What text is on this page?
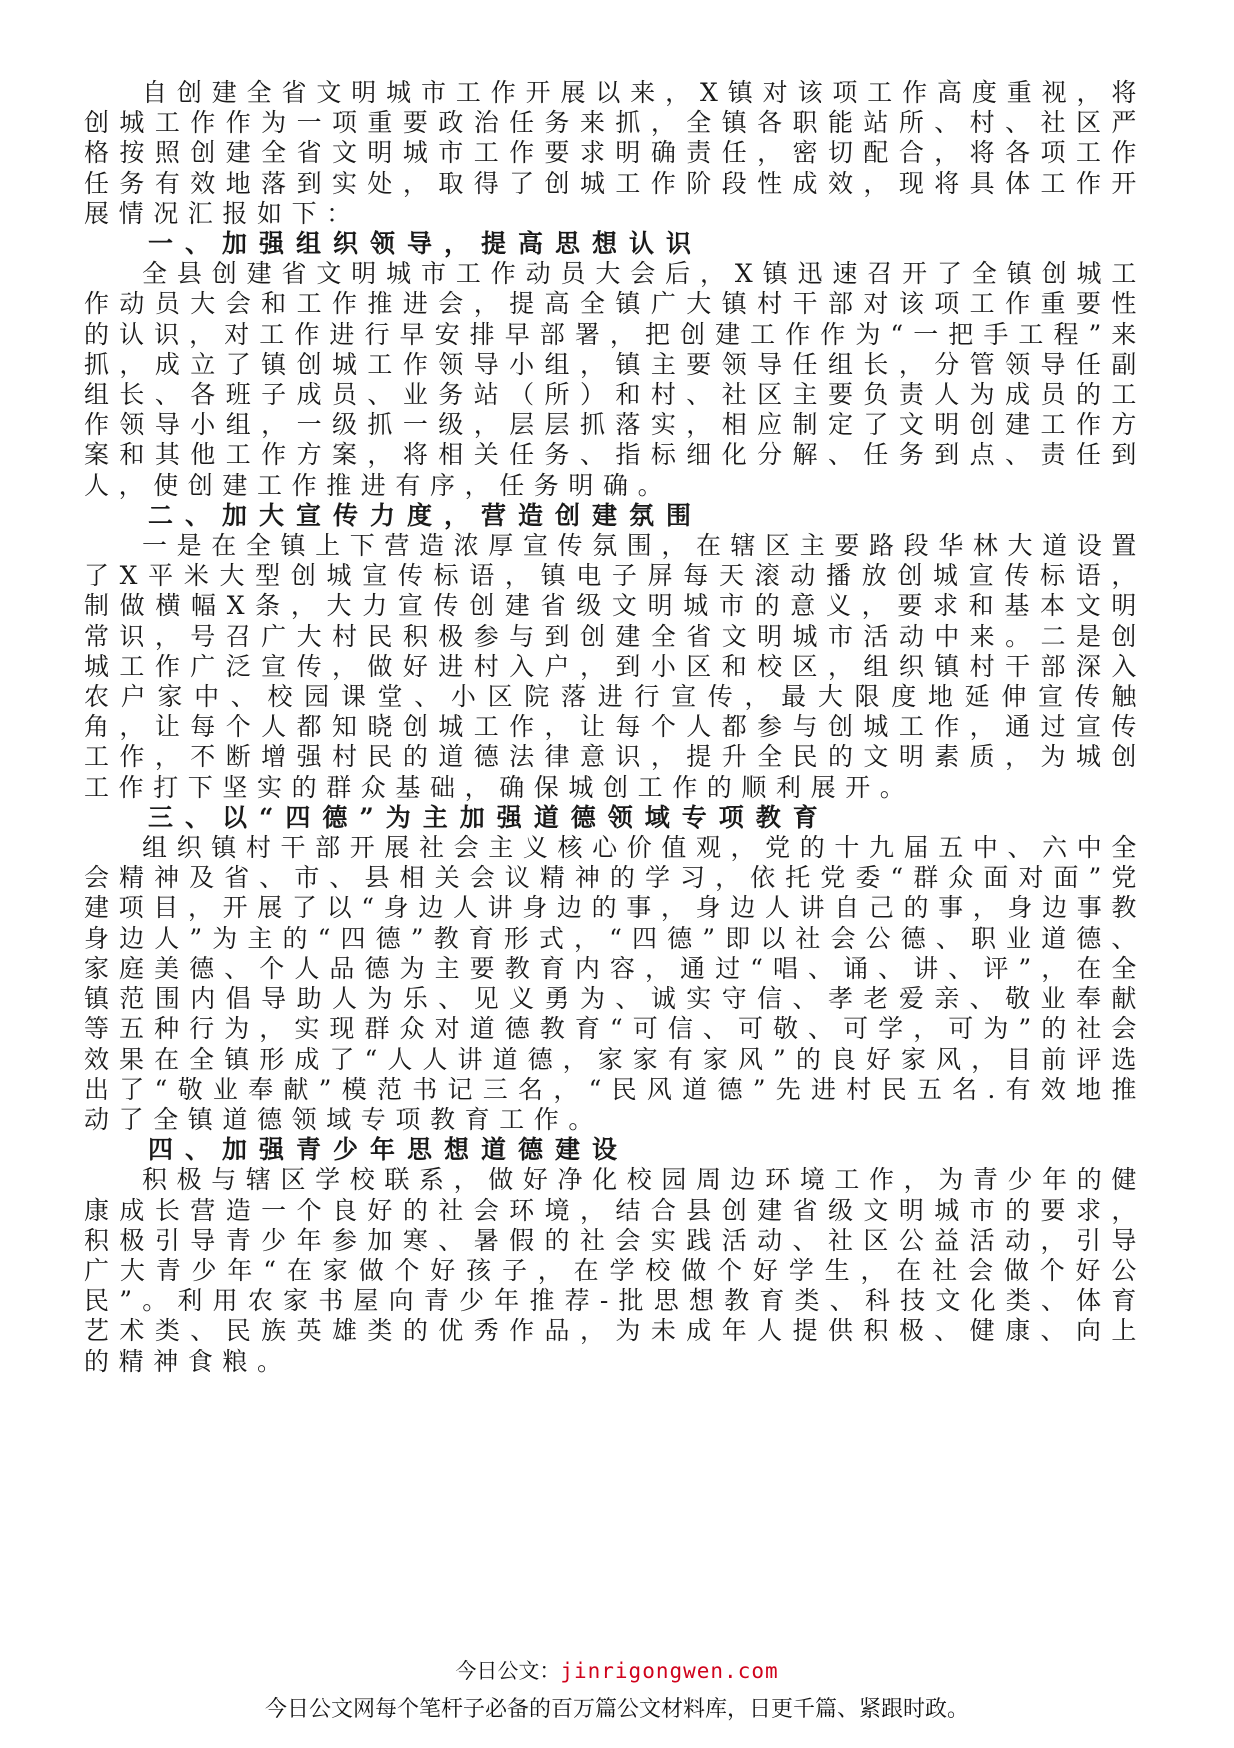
自创建全省文明城市工作开展以来，X镇对该项工作高度重视，将创城工作作为一项重要政治任务来抓，全镇各职能站所、村、社区严格按照创建全省文明城市工作要求明确责任，密切配合，将各项工作任务有效地落到实处，取得了创城工作阶段性成效，现将具体工作开展情况汇报如下：

一、加强组织领导，提高思想认识

全县创建省文明城市工作动员大会后，X镇迅速召开了全镇创城工作动员大会和工作推进会，提高全镇广大镇村干部对该项工作重要性的认识，对工作进行早安排早部署，把创建工作作为“一把手工程”来抓，成立了镇创城工作领导小组，镇主要领导任组长，分管领导任副组长、各班子成员、业务站（所）和村、社区主要负责人为成员的工作领导小组，一级抓一级，层层抓落实，相应制定了文明创建工作方案和其他工作方案，将相关任务、指标细化分解、任务到点、责任到人，使创建工作推进有序，任务明确。

二、加大宣传力度，营造创建氛围

一是在全镇上下营造浓厚宣传氛围，在辖区主要路段华林大道设置了X平米大型创城宣传标语，镇电子屏每天滚动播放创城宣传标语，制做横幅X条，大力宣传创建省级文明城市的意义，要求和基本文明常识，号召广大村民积极参与到创建全省文明城市活动中来。二是创城工作广泛宣传，做好进村入户，到小区和校区，组织镇村干部深入农户家中、校园课堂、小区院落进行宣传，最大限度地延伸宣传触角，让每个人都知晓创城工作，让每个人都参与创城工作，通过宣传工作，不断增强村民的道德法律意识，提升全民的文明素质，为城创工作打下坚实的群众基础，确保城创工作的顺利展开。

三、以“四德”为主加强道德领域专项教育

组织镇村干部开展社会主义核心价值观，党的十九届五中、六中全会精神及省、市、县相关会议精神的学习，依托党委“群众面对面”党建项目，开展了以“身边人讲身边的事，身边人讲自己的事，身边事教身边人”为主的“四德”教育形式，“四德”即以社会公德、职业道德、家庭美德、个人品德为主要教育内容，通过“唱、诵、讲、评”，在全镇范围内倡导助人为乐、见义勇为、诚实守信、孝老爱亲、敬业奉献等五种行为，实现群众对道德教育“可信、可敬、可学，可为”的社会效果在全镇形成了“人人讲道德，家家有家风”的良好家风，目前评选出了“敬业奉献”模范书记三名，“民风道德”先进村民五名.有效地推动了全镇道德领域专项教育工作。

四、加强青少年思想道德建设

积极与辖区学校联系，做好净化校园周边环境工作，为青少年的健康成长营造一个良好的社会环境，结合县创建省级文明城市的要求，积极引导青少年参加寒、暑假的社会实践活动、社区公益活动，引导广大青少年“在家做个好孩子，在学校做个好学生，在社会做个好公民”。利用农家书屋向青少年推荐-批思想教育类、科技文化类、体育艺术类、民族英雄类的优秀作品，为未成年人提供积极、健康、向上的精神食粮。

今日公文：jinrigongwen.com
今日公文网每个笔杆子必备的百万篇公文材料库，日更千篇、紧跟时政。
